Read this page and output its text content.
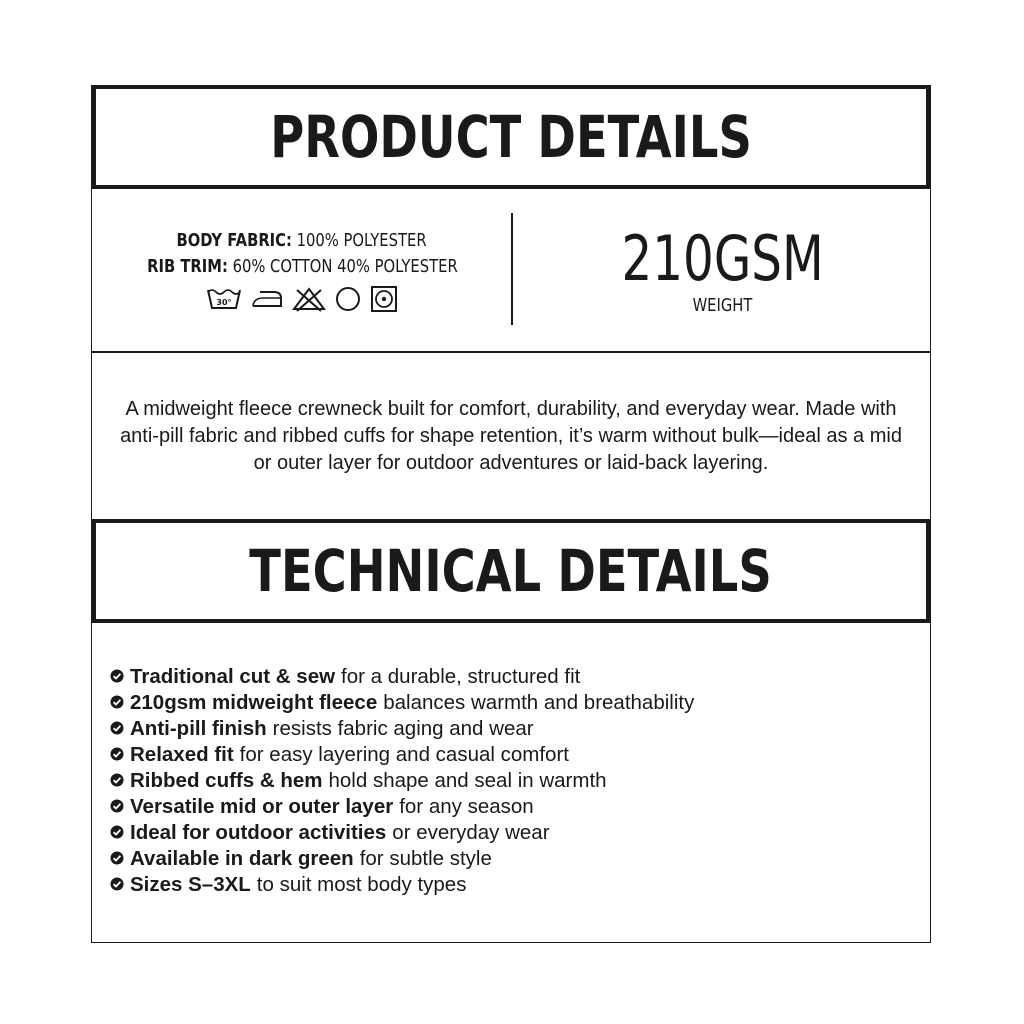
PRODUCT DETAILS
BODY FABRIC: 100% POLYESTER
RIB TRIM: 60% COTTON 40% POLYESTER
30°
210GSM
WEIGHT

A midweight fleece crewneck built for comfort, durability, and everyday wear. Made with anti-pill fabric and ribbed cuffs for shape retention, it’s warm without bulk—ideal as a mid or outer layer for outdoor adventures or laid-back layering.

TECHNICAL DETAILS
Traditional cut & sew for a durable, structured fit
210gsm midweight fleece balances warmth and breathability
Anti-pill finish resists fabric aging and wear
Relaxed fit for easy layering and casual comfort
Ribbed cuffs & hem hold shape and seal in warmth
Versatile mid or outer layer for any season
Ideal for outdoor activities or everyday wear
Available in dark green for subtle style
Sizes S–3XL to suit most body types
